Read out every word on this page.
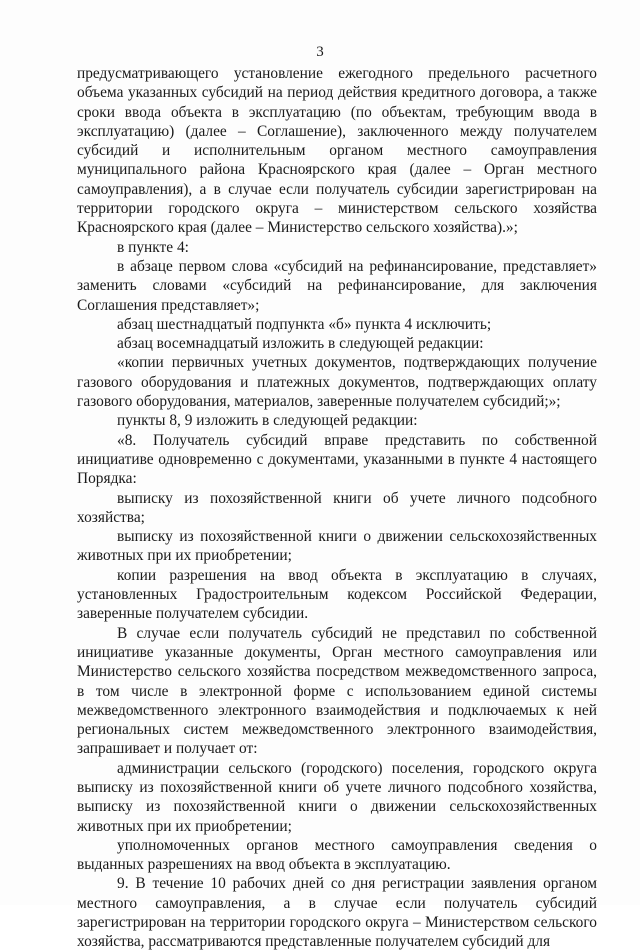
3

предусматривающего установление ежегодного предельного расчетного объема указанных субсидий на период действия кредитного договора, а также сроки ввода объекта в эксплуатацию (по объектам, требующим ввода в эксплуатацию) (далее – Соглашение), заключенного между получателем субсидий и исполнительным органом местного самоуправления муниципального района Красноярского края (далее – Орган местного самоуправления), а в случае если получатель субсидии зарегистрирован на территории городского округа – министерством сельского хозяйства Красноярского края (далее – Министерство сельского хозяйства).»;

в пункте 4:

в абзаце первом слова «субсидий на рефинансирование, представляет» заменить словами «субсидий на рефинансирование, для заключения Соглашения представляет»;

абзац шестнадцатый подпункта «б» пункта 4 исключить;

абзац восемнадцатый изложить в следующей редакции:

«копии первичных учетных документов, подтверждающих получение газового оборудования и платежных документов, подтверждающих оплату газового оборудования, материалов, заверенные получателем субсидий;»;

пункты 8, 9 изложить в следующей редакции:

«8. Получатель субсидий вправе представить по собственной инициативе одновременно с документами, указанными в пункте 4 настоящего Порядка:

выписку из похозяйственной книги об учете личного подсобного хозяйства;

выписку из похозяйственной книги о движении сельскохозяйственных животных при их приобретении;

копии разрешения на ввод объекта в эксплуатацию в случаях, установленных Градостроительным кодексом Российской Федерации, заверенные получателем субсидии.

В случае если получатель субсидий не представил по собственной инициативе указанные документы, Орган местного самоуправления или Министерство сельского хозяйства посредством межведомственного запроса, в том числе в электронной форме с использованием единой системы межведомственного электронного взаимодействия и подключаемых к ней региональных систем межведомственного электронного взаимодействия, запрашивает и получает от:

администрации сельского (городского) поселения, городского округа выписку из похозяйственной книги об учете личного подсобного хозяйства, выписку из похозяйственной книги о движении сельскохозяйственных животных при их приобретении;

уполномоченных органов местного самоуправления сведения о выданных разрешениях на ввод объекта в эксплуатацию.

9. В течение 10 рабочих дней со дня регистрации заявления органом местного самоуправления, а в случае если получатель субсидий зарегистрирован на территории городского округа – Министерством сельского хозяйства, рассматриваются представленные получателем субсидий для
